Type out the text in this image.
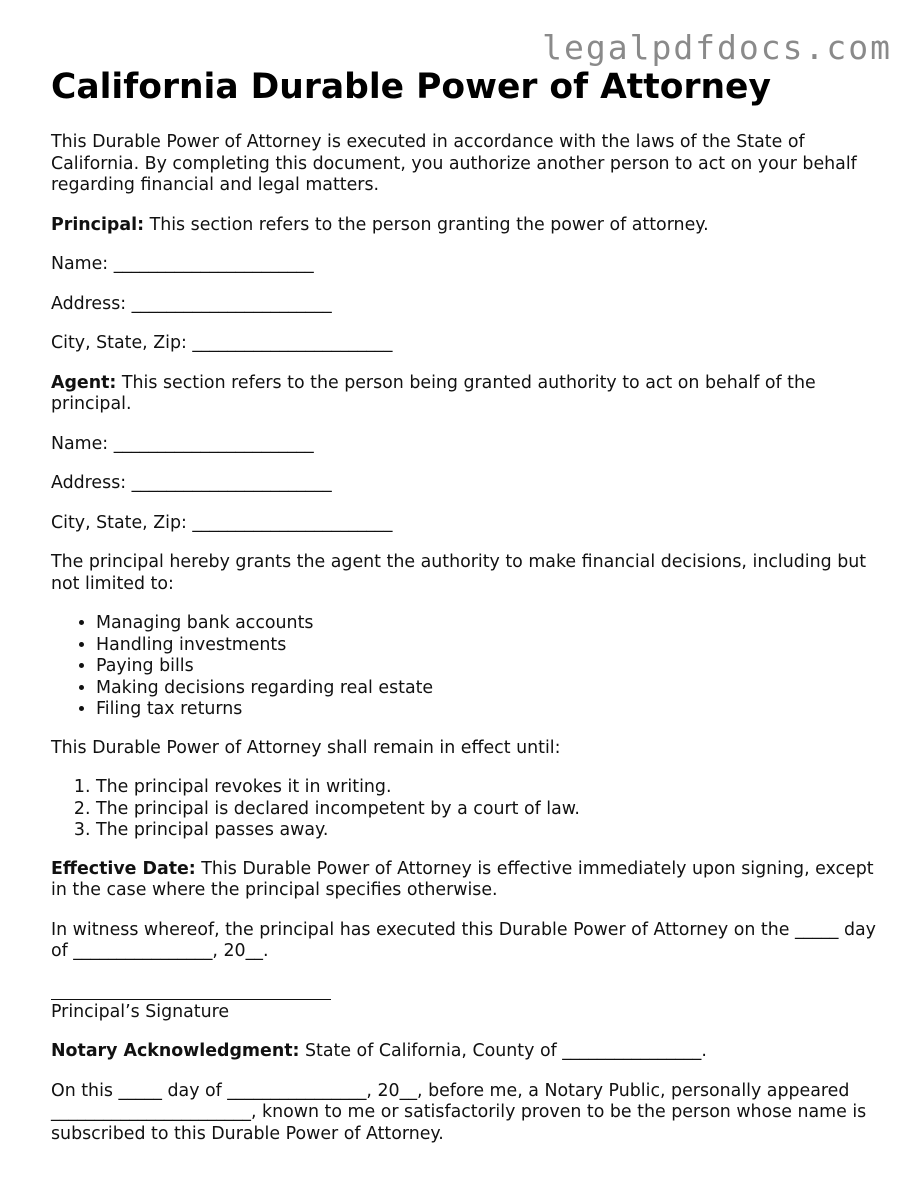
legalpdfdocs.com
California Durable Power of Attorney

This Durable Power of Attorney is executed in accordance with the laws of the State of California. By completing this document, you authorize another person to act on your behalf regarding financial and legal matters.

Principal: This section refers to the person granting the power of attorney.

Name: _______________________

Address: _______________________

City, State, Zip: _______________________

Agent: This section refers to the person being granted authority to act on behalf of the principal.

Name: _______________________

Address: _______________________

City, State, Zip: _______________________

The principal hereby grants the agent the authority to make financial decisions, including but not limited to:

• Managing bank accounts
• Handling investments
• Paying bills
• Making decisions regarding real estate
• Filing tax returns

This Durable Power of Attorney shall remain in effect until:

1. The principal revokes it in writing.
2. The principal is declared incompetent by a court of law.
3. The principal passes away.

Effective Date: This Durable Power of Attorney is effective immediately upon signing, except in the case where the principal specifies otherwise.

In witness whereof, the principal has executed this Durable Power of Attorney on the _____ day of ________________, 20__.

Principal’s Signature

Notary Acknowledgment: State of California, County of ________________.

On this _____ day of ________________, 20__, before me, a Notary Public, personally appeared _______________________, known to me or satisfactorily proven to be the person whose name is subscribed to this Durable Power of Attorney.
